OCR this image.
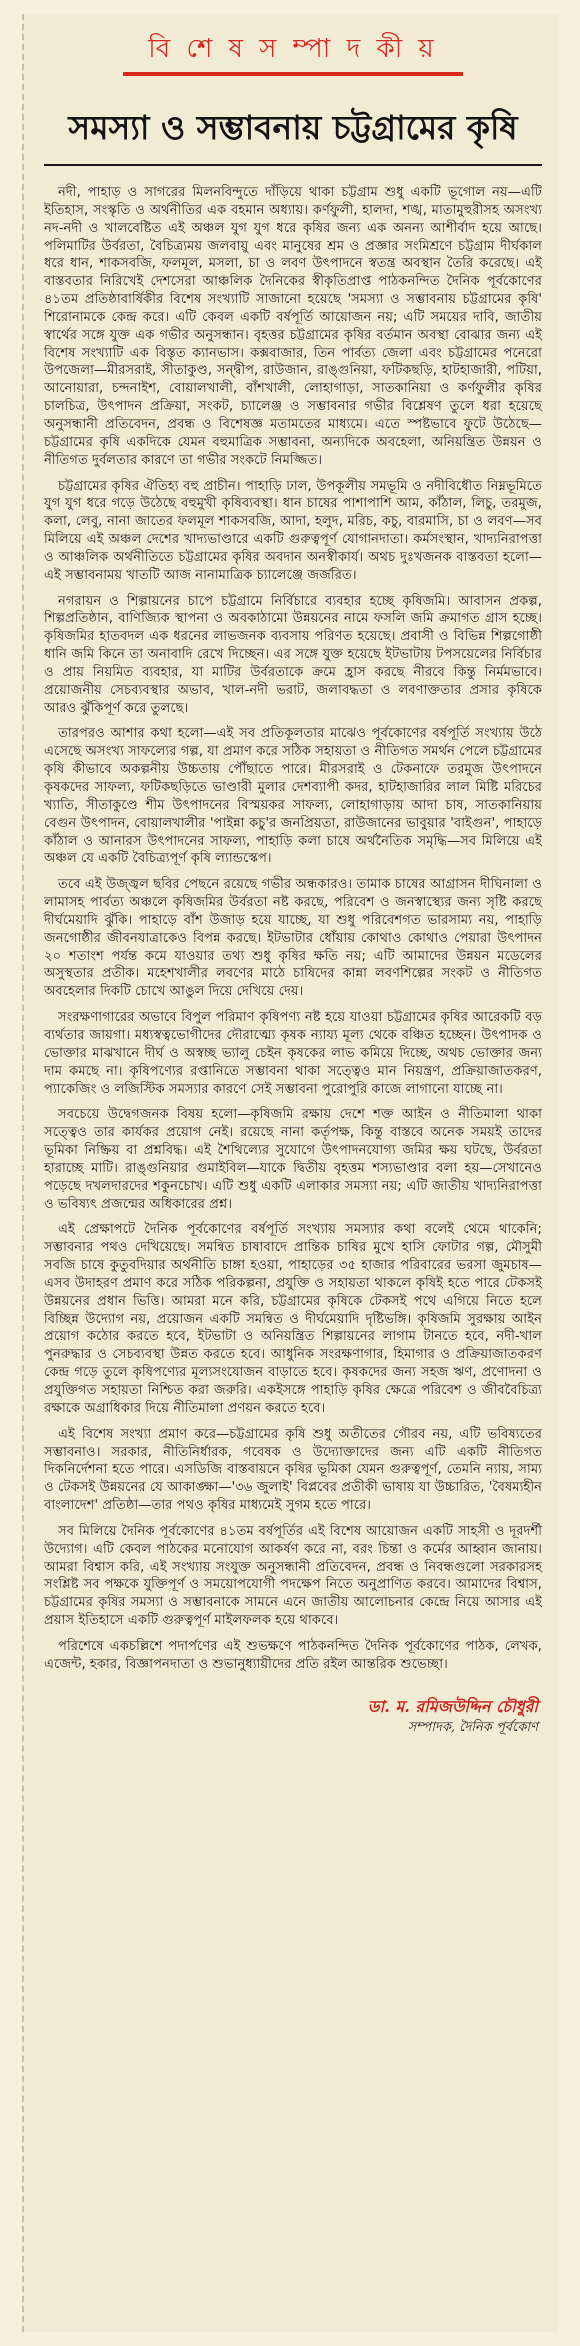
বি শে ষ স ম্পা দ কী য়
সমস্যা ও সম্ভাবনায় চট্টগ্রামের কৃষি

নদী, পাহাড় ও সাগরের মিলনবিন্দুতে দাঁড়িয়ে থাকা চট্টগ্রাম শুধু একটি ভূগোল নয়—এটি ইতিহাস, সংস্কৃতি ও অর্থনীতির এক বহমান অধ্যায়। কর্ণফুলী, হালদা, শঙ্খ, মাতামুহুরীসহ অসংখ্য নদ-নদী ও খালবেষ্টিত এই অঞ্চল যুগ যুগ ধরে কৃষির জন্য এক অনন্য আশীর্বাদ হয়ে আছে। পলিমাটির উর্বরতা, বৈচিত্র্যময় জলবায়ু এবং মানুষের শ্রম ও প্রজ্ঞার সংমিশ্রণে চট্টগ্রাম দীর্ঘকাল ধরে ধান, শাকসবজি, ফলমূল, মসলা, চা ও লবণ উৎপাদনে স্বতন্ত্র অবস্থান তৈরি করেছে। এই বাস্তবতার নিরিখেই দেশসেরা আঞ্চলিক দৈনিকের স্বীকৃতিপ্রাপ্ত পাঠকনন্দিত দৈনিক পূর্বকোণের ৪১তম প্রতিষ্ঠাবার্ষিকীর বিশেষ সংখ্যাটি সাজানো হয়েছে 'সমস্যা ও সম্ভাবনায় চট্টগ্রামের কৃষি' শিরোনামকে কেন্দ্র করে। এটি কেবল একটি বর্ষপূর্তি আয়োজন নয়; এটি সময়ের দাবি, জাতীয় স্বার্থের সঙ্গে যুক্ত এক গভীর অনুসন্ধান। বৃহত্তর চট্টগ্রামের কৃষির বর্তমান অবস্থা বোঝার জন্য এই বিশেষ সংখ্যাটি এক বিস্তৃত ক্যানভাস। কক্সবাজার, তিন পার্বত্য জেলা এবং চট্টগ্রামের পনেরো উপজেলা—মীরসরাই, সীতাকুণ্ড, সন্দ্বীপ, রাউজান, রাঙ্গুনিয়া, ফটিকছড়ি, হাটহাজারী, পটিয়া, আনোয়ারা, চন্দনাইশ, বোয়ালখালী, বাঁশখালী, লোহাগাড়া, সাতকানিয়া ও কর্ণফুলীর কৃষির চালচিত্র, উৎপাদন প্রক্রিয়া, সংকট, চ্যালেঞ্জ ও সম্ভাবনার গভীর বিশ্লেষণ তুলে ধরা হয়েছে অনুসন্ধানী প্রতিবেদন, প্রবন্ধ ও বিশেষজ্ঞ মতামতের মাধ্যমে। এতে স্পষ্টভাবে ফুটে উঠেছে—চট্টগ্রামের কৃষি একদিকে যেমন বহুমাত্রিক সম্ভাবনা, অন্যদিকে অবহেলা, অনিয়ন্ত্রিত উন্নয়ন ও নীতিগত দুর্বলতার কারণে তা গভীর সংকটে নিমজ্জিত।

চট্টগ্রামের কৃষির ঐতিহ্য বহু প্রাচীন। পাহাড়ি ঢাল, উপকূলীয় সমভূমি ও নদীবিধৌত নিম্নভূমিতে যুগ যুগ ধরে গড়ে উঠেছে বহুমুখী কৃষিব্যবস্থা। ধান চাষের পাশাপাশি আম, কাঁঠাল, লিচু, তরমুজ, কলা, লেবু, নানা জাতের ফলমূল শাকসবজি, আদা, হলুদ, মরিচ, কচু, বারমাসি, চা ও লবণ—সব মিলিয়ে এই অঞ্চল দেশের খাদ্যভাণ্ডারে একটি গুরুত্বপূর্ণ যোগানদাতা। কর্মসংস্থান, খাদ্যনিরাপত্তা ও আঞ্চলিক অর্থনীতিতে চট্টগ্রামের কৃষির অবদান অনস্বীকার্য। অথচ দুঃখজনক বাস্তবতা হলো—এই সম্ভাবনাময় খাতটি আজ নানামাত্রিক চ্যালেঞ্জে জর্জরিত।

নগরায়ন ও শিল্পায়নের চাপে চট্টগ্রামে নির্বিচারে ব্যবহার হচ্ছে কৃষিজমি। আবাসন প্রকল্প, শিল্পপ্রতিষ্ঠান, বাণিজ্যিক স্থাপনা ও অবকাঠামো উন্নয়নের নামে ফসলি জমি ক্রমাগত গ্রাস হচ্ছে। কৃষিজমির হাতবদল এক ধরনের লাভজনক ব্যবসায় পরিণত হয়েছে। প্রবাসী ও বিভিন্ন শিল্পগোষ্ঠী ধানি জমি কিনে তা অনাবাদি রেখে দিচ্ছেন। এর সঙ্গে যুক্ত হয়েছে ইটভাটায় টপসয়েলের নির্বিচার ও প্রায় নিয়মিত ব্যবহার, যা মাটির উর্বরতাকে ক্রমে হ্রাস করছে নীরবে কিন্তু নির্মমভাবে। প্রয়োজনীয় সেচব্যবস্থার অভাব, খাল-নদী ভরাট, জলাবদ্ধতা ও লবণাক্ততার প্রসার কৃষিকে আরও ঝুঁকিপূর্ণ করে তুলছে।

তারপরও আশার কথা হলো—এই সব প্রতিকূলতার মাঝেও পূর্বকোণের বর্ষপূর্তি সংখ্যায় উঠে এসেছে অসংখ্য সাফল্যের গল্প, যা প্রমাণ করে সঠিক সহায়তা ও নীতিগত সমর্থন পেলে চট্টগ্রামের কৃষি কীভাবে অকল্পনীয় উচ্চতায় পৌঁছাতে পারে। মীরসরাই ও টেকনাফে তরমুজ উৎপাদনে কৃষকদের সাফল্য, ফটিকছড়িতে ভাণ্ডারী মুলার দেশব্যাপী কদর, হাটহাজারির লাল মিষ্টি মরিচের খ্যাতি, সীতাকুণ্ডে শীম উৎপাদনের বিস্ময়কর সাফল্য, লোহাগাড়ায় আদা চাষ, সাতকানিয়ায় বেগুন উৎপাদন, বোয়ালখালীর 'পাইন্না কচু'র জনপ্রিয়তা, রাউজানের ভাবুয়ার 'বাইগুন', পাহাড়ে কাঁঠাল ও আনারস উৎপাদনের সাফল্য, পাহাড়ি কলা চাষে অর্থনৈতিক সমৃদ্ধি—সব মিলিয়ে এই অঞ্চল যে একটি বৈচিত্র্যপূর্ণ কৃষি ল্যান্ডস্কেপ।

তবে এই উজ্জ্বল ছবির পেছনে রয়েছে গভীর অন্ধকারও। তামাক চাষের আগ্রাসন দীঘিনালা ও লামাসহ পার্বত্য অঞ্চলে কৃষিজমির উর্বরতা নষ্ট করছে, পরিবেশ ও জনস্বাস্থ্যের জন্য সৃষ্টি করছে দীর্ঘমেয়াদি ঝুঁকি। পাহাড়ে বাঁশ উজাড় হয়ে যাচ্ছে, যা শুধু পরিবেশগত ভারসাম্য নয়, পাহাড়ি জনগোষ্ঠীর জীবনযাত্রাকেও বিপন্ন করছে। ইটভাটার ধোঁয়ায় কোথাও কোথাও পেয়ারা উৎপাদন ২০ শতাংশ পর্যন্ত কমে যাওয়ার তথ্য শুধু কৃষির ক্ষতি নয়; এটি আমাদের উন্নয়ন মডেলের অসুস্থতার প্রতীক। মহেশখালীর লবণের মাঠে চাষিদের কান্না লবণশিল্পের সংকট ও নীতিগত অবহেলার দিকটি চোখে আঙুল দিয়ে দেখিয়ে দেয়।

সংরক্ষণাগারের অভাবে বিপুল পরিমাণ কৃষিপণ্য নষ্ট হয়ে যাওয়া চট্টগ্রামের কৃষির আরেকটি বড় ব্যর্থতার জায়গা। মধ্যস্বত্বভোগীদের দৌরাত্ম্যে কৃষক ন্যায্য মূল্য থেকে বঞ্চিত হচ্ছেন। উৎপাদক ও ভোক্তার মাঝখানে দীর্ঘ ও অস্বচ্ছ ভ্যালু চেইন কৃষকের লাভ কমিয়ে দিচ্ছে, অথচ ভোক্তার জন্য দাম কমছে না। কৃষিপণ্যের রপ্তানিতে সম্ভাবনা থাকা সত্ত্বেও মান নিয়ন্ত্রণ, প্রক্রিয়াজাতকরণ, প্যাকেজিং ও লজিস্টিক সমস্যার কারণে সেই সম্ভাবনা পুরোপুরি কাজে লাগানো যাচ্ছে না।

সবচেয়ে উদ্বেগজনক বিষয় হলো—কৃষিজমি রক্ষায় দেশে শক্ত আইন ও নীতিমালা থাকা সত্ত্বেও তার কার্যকর প্রয়োগ নেই। রয়েছে নানা কর্তৃপক্ষ, কিন্তু বাস্তবে অনেক সময়ই তাদের ভূমিকা নিষ্ক্রিয় বা প্রশ্নবিদ্ধ। এই শৈথিল্যের সুযোগে উৎপাদনযোগ্য জমির ক্ষয় ঘটছে, উর্বরতা হারাচ্ছে মাটি। রাঙ্গুনিয়ার গুমাইবিল—যাকে দ্বিতীয় বৃহত্তম শস্যভাণ্ডার বলা হয়—সেখানেও পড়েছে দখলদারদের শকুনচোখ। এটি শুধু একটি এলাকার সমস্যা নয়; এটি জাতীয় খাদ্যনিরাপত্তা ও ভবিষ্যৎ প্রজন্মের অধিকারের প্রশ্ন।

এই প্রেক্ষাপটে দৈনিক পূর্বকোণের বর্ষপূর্তি সংখ্যায় সমস্যার কথা বলেই থেমে থাকেনি; সম্ভাবনার পথও দেখিয়েছে। সমন্বিত চাষাবাদে প্রান্তিক চাষির মুখে হাসি ফোটার গল্প, মৌসুমী সবজি চাষে কুতুবদিয়ার অর্থনীতি চাঙ্গা হওয়া, পাহাড়ের ৩৫ হাজার পরিবারের ভরসা জুমচাষ—এসব উদাহরণ প্রমাণ করে সঠিক পরিকল্পনা, প্রযুক্তি ও সহায়তা থাকলে কৃষিই হতে পারে টেকসই উন্নয়নের প্রধান ভিত্তি। আমরা মনে করি, চট্টগ্রামের কৃষিকে টেকসই পথে এগিয়ে নিতে হলে বিচ্ছিন্ন উদ্যোগ নয়, প্রয়োজন একটি সমন্বিত ও দীর্ঘমেয়াদি দৃষ্টিভঙ্গি। কৃষিজমি সুরক্ষায় আইন প্রয়োগ কঠোর করতে হবে, ইটভাটা ও অনিয়ন্ত্রিত শিল্পায়নের লাগাম টানতে হবে, নদী-খাল পুনরুদ্ধার ও সেচব্যবস্থা উন্নত করতে হবে। আধুনিক সংরক্ষণাগার, হিমাগার ও প্রক্রিয়াজাতকরণ কেন্দ্র গড়ে তুলে কৃষিপণ্যের মূল্যসংযোজন বাড়াতে হবে। কৃষকদের জন্য সহজ ঋণ, প্রণোদনা ও প্রযুক্তিগত সহায়তা নিশ্চিত করা জরুরি। একইসঙ্গে পাহাড়ি কৃষির ক্ষেত্রে পরিবেশ ও জীববৈচিত্র্য রক্ষাকে অগ্রাধিকার দিয়ে নীতিমালা প্রণয়ন করতে হবে।

এই বিশেষ সংখ্যা প্রমাণ করে—চট্টগ্রামের কৃষি শুধু অতীতের গৌরব নয়, এটি ভবিষ্যতের সম্ভাবনাও। সরকার, নীতিনির্ধারক, গবেষক ও উদ্যোক্তাদের জন্য এটি একটি নীতিগত দিকনির্দেশনা হতে পারে। এসডিজি বাস্তবায়নে কৃষির ভূমিকা যেমন গুরুত্বপূর্ণ, তেমনি ন্যায়, সাম্য ও টেকসই উন্নয়নের যে আকাঙ্ক্ষা—'৩৬ জুলাই' বিপ্লবের প্রতীকী ভাষায় যা উচ্চারিত, 'বৈষম্যহীন বাংলাদেশ' প্রতিষ্ঠা—তার পথও কৃষির মাধ্যমেই সুগম হতে পারে।

সব মিলিয়ে দৈনিক পূর্বকোণের ৪১তম বর্ষপূর্তির এই বিশেষ আয়োজন একটি সাহসী ও দূরদর্শী উদ্যোগ। এটি কেবল পাঠকের মনোযোগ আকর্ষণ করে না, বরং চিন্তা ও কর্মের আহ্বান জানায়। আমরা বিশ্বাস করি, এই সংখ্যায় সংযুক্ত অনুসন্ধানী প্রতিবেদন, প্রবন্ধ ও নিবন্ধগুলো সরকারসহ সংশ্লিষ্ট সব পক্ষকে যুক্তিপূর্ণ ও সময়োপযোগী পদক্ষেপ নিতে অনুপ্রাণিত করবে। আমাদের বিশ্বাস, চট্টগ্রামের কৃষির সমস্যা ও সম্ভাবনাকে সামনে এনে জাতীয় আলোচনার কেন্দ্রে নিয়ে আসার এই প্রয়াস ইতিহাসে একটি গুরুত্বপূর্ণ মাইলফলক হয়ে থাকবে।

পরিশেষে একচল্লিশে পদার্পণের এই শুভক্ষণে পাঠকনন্দিত দৈনিক পূর্বকোণের পাঠক, লেখক, এজেন্ট, হকার, বিজ্ঞাপনদাতা ও শুভানুধ্যায়ীদের প্রতি রইল আন্তরিক শুভেচ্ছা।

ডা. ম. রমিজউদ্দিন চৌধুরী
সম্পাদক, দৈনিক পূর্বকোণ
